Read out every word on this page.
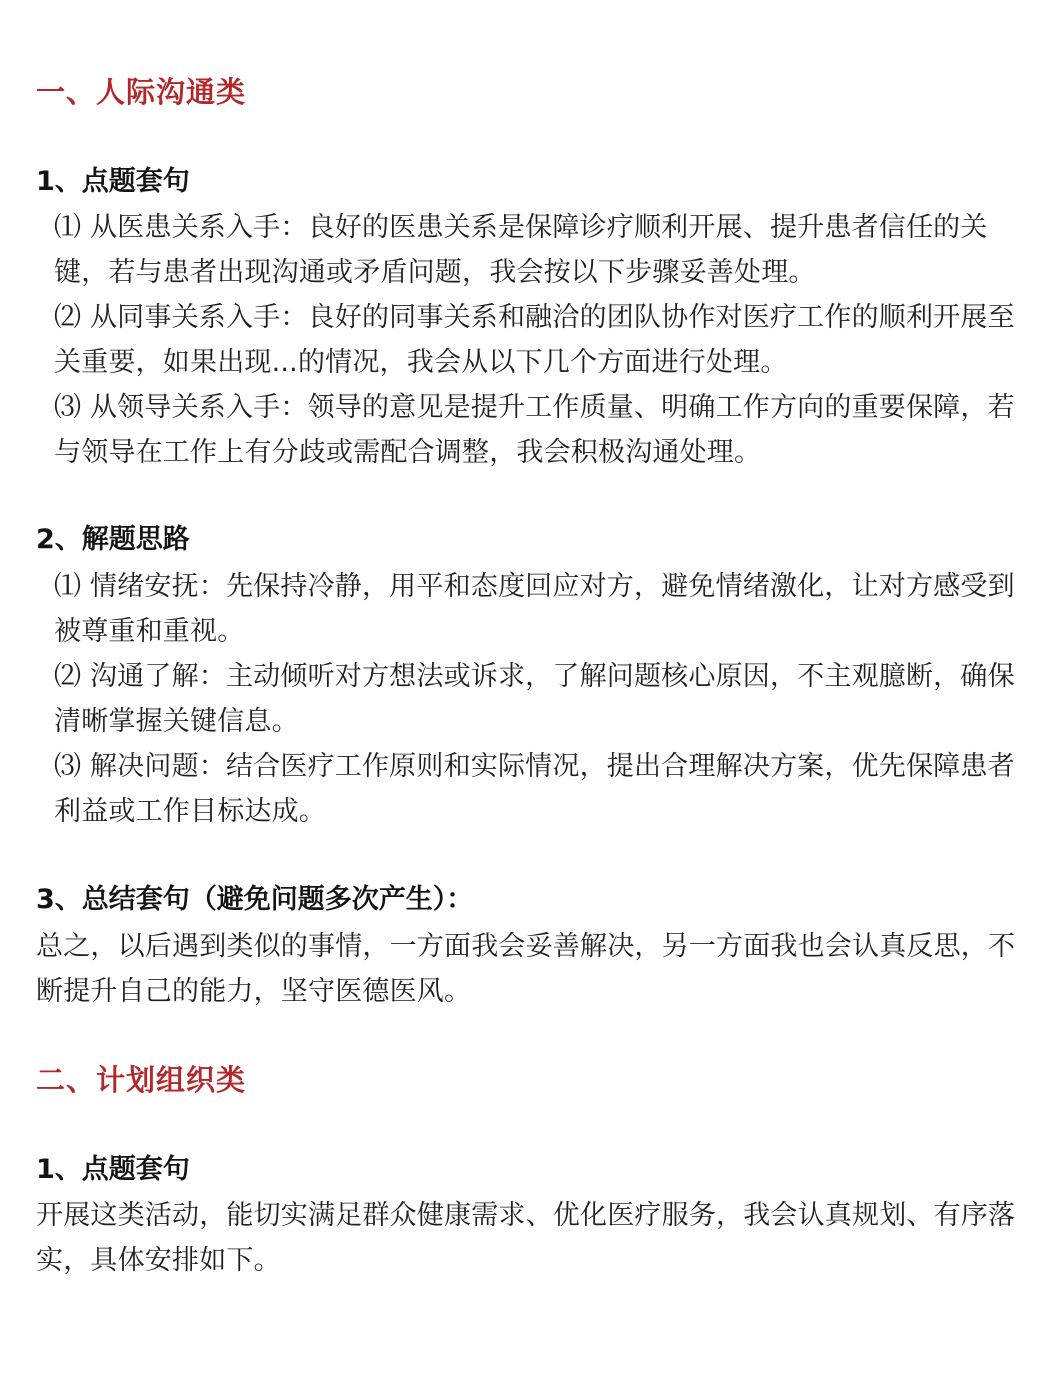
一、人际沟通类
1、点题套句

⑴ 从医患关系入手：良好的医患关系是保障诊疗顺利开展、提升患者信任的关键，若与患者出现沟通或矛盾问题，我会按以下步骤妥善处理。

⑵ 从同事关系入手：良好的同事关系和融洽的团队协作对医疗工作的顺利开展至关重要，如果出现...的情况，我会从以下几个方面进行处理。

⑶ 从领导关系入手：领导的意见是提升工作质量、明确工作方向的重要保障，若与领导在工作上有分歧或需配合调整，我会积极沟通处理。

2、解题思路

⑴ 情绪安抚：先保持冷静，用平和态度回应对方，避免情绪激化，让对方感受到被尊重和重视。

⑵ 沟通了解：主动倾听对方想法或诉求，了解问题核心原因，不主观臆断，确保清晰掌握关键信息。

⑶ 解决问题：结合医疗工作原则和实际情况，提出合理解决方案，优先保障患者利益或工作目标达成。

3、总结套句（避免问题多次产生）：

总之，以后遇到类似的事情，一方面我会妥善解决，另一方面我也会认真反思，不断提升自己的能力，坚守医德医风。

二、计划组织类
1、点题套句

开展这类活动，能切实满足群众健康需求、优化医疗服务，我会认真规划、有序落实，具体安排如下。
